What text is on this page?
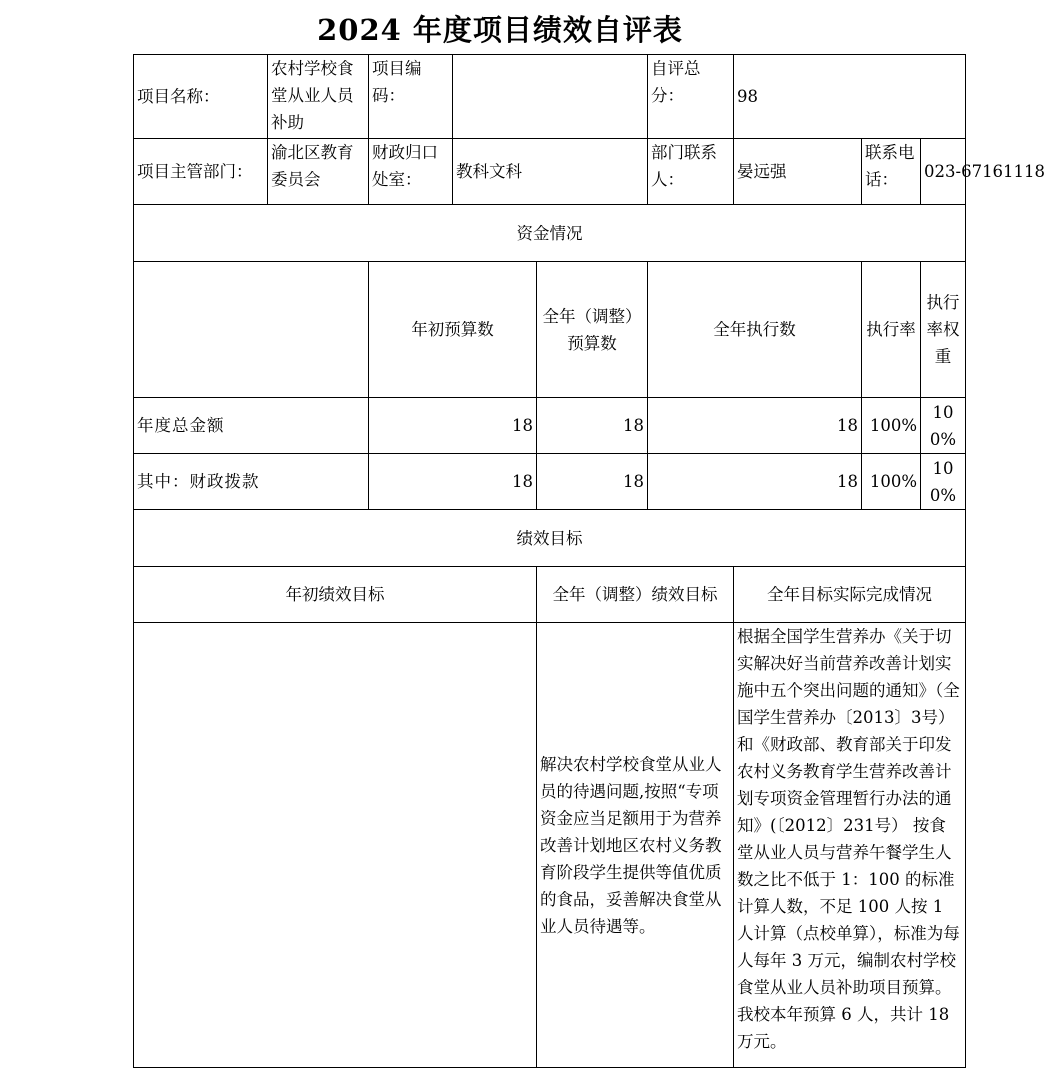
2024 年度项目绩效自评表
项目名称：	农村学校食堂从业人员补助	项目编码：			自评总分：	98			
项目主管部门：	渝北区教育委员会	财政归口处室：	教科文科		部门联系人：	晏远强	联系电话：	023-67161118	
资金情况									
		年初预算数		全年（调整）预算数	全年执行数		执行率	执行率权重	
年度总金额		18		18	18		100%	100%	
其中：财政拨款		18		18	18		100%	100%	
绩效目标									
年初绩效目标				全年（调整）绩效目标		全年目标实际完成情况			
				解决农村学校食堂从业人员的待遇问题,按照“专项资金应当足额用于为营养改善计划地区农村义务教育阶段学生提供等值优质的食品，妥善解决食堂从业人员待遇等。		根据全国学生营养办《关于切实解决好当前营养改善计划实施中五个突出问题的通知》（全国学生营养办〔2013〕3号）和《财政部、教育部关于印发农村义务教育学生营养改善计划专项资金管理暂行办法的通知》(〔2012〕231号） 按食堂从业人员与营养午餐学生人数之比不低于 1：100 的标准计算人数，不足 100 人按 1 人计算（点校单算），标准为每人每年 3 万元，编制农村学校食堂从业人员补助项目预算。我校本年预算 6 人，共计 18 万元。			
